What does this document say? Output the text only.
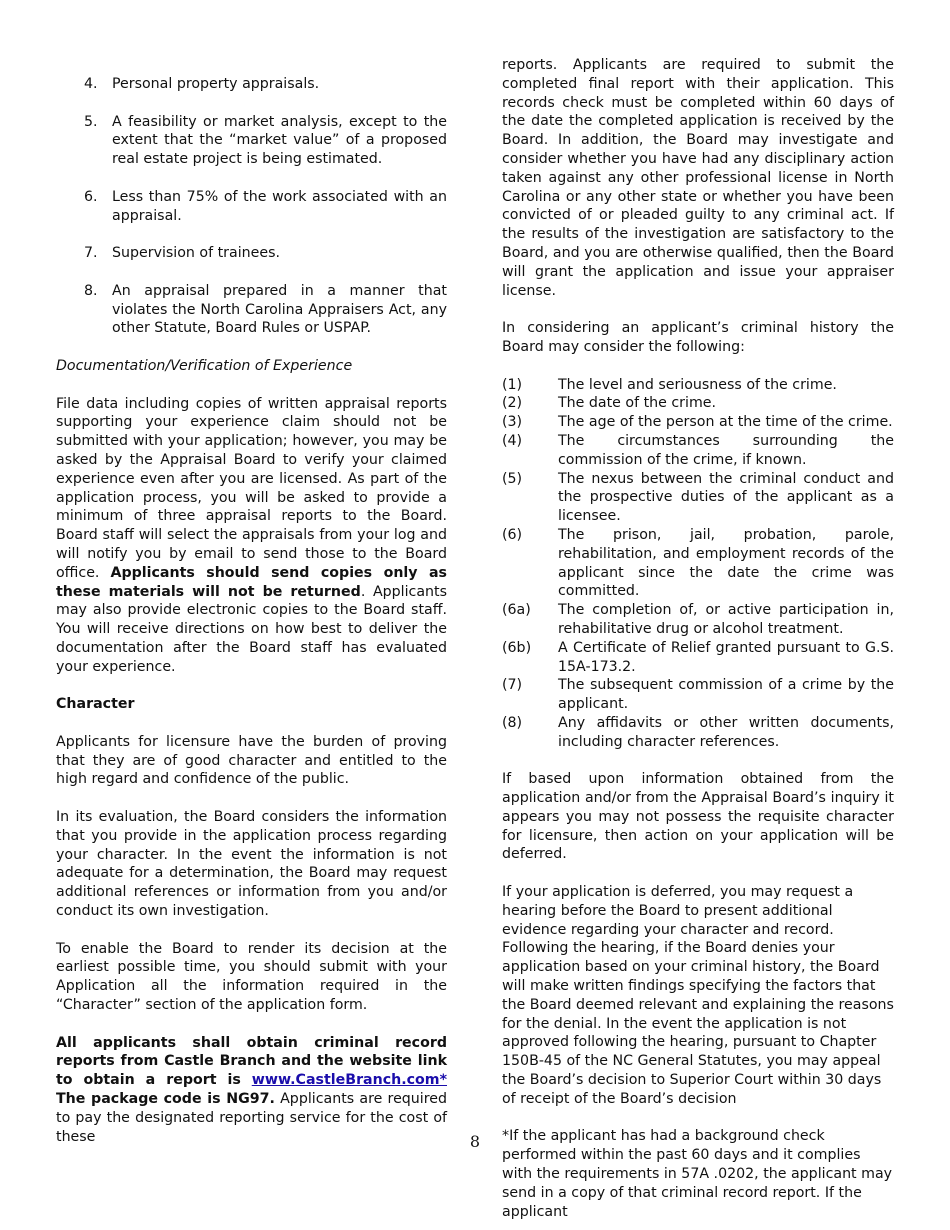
4. Personal property appraisals.
5. A feasibility or market analysis, except to the extent that the “market value” of a proposed real estate project is being estimated.
6. Less than 75% of the work associated with an appraisal.
7. Supervision of trainees.
8. An appraisal prepared in a manner that violates the North Carolina Appraisers Act, any other Statute, Board Rules or USPAP.

Documentation/Verification of Experience

File data including copies of written appraisal reports supporting your experience claim should not be submitted with your application; however, you may be asked by the Appraisal Board to verify your claimed experience even after you are licensed. As part of the application process, you will be asked to provide a minimum of three appraisal reports to the Board. Board staff will select the appraisals from your log and will notify you by email to send those to the Board office. Applicants should send copies only as these materials will not be returned. Applicants may also provide electronic copies to the Board staff. You will receive directions on how best to deliver the documentation after the Board staff has evaluated your experience.

Character

Applicants for licensure have the burden of proving that they are of good character and entitled to the high regard and confidence of the public.

In its evaluation, the Board considers the information that you provide in the application process regarding your character. In the event the information is not adequate for a determination, the Board may request additional references or information from you and/or conduct its own investigation.

To enable the Board to render its decision at the earliest possible time, you should submit with your Application all the information required in the “Character” section of the application form.

All applicants shall obtain criminal record reports from Castle Branch and the website link to obtain a report is www.CastleBranch.com* The package code is NG97. Applicants are required to pay the designated reporting service for the cost of these

reports. Applicants are required to submit the completed final report with their application. This records check must be completed within 60 days of the date the completed application is received by the Board. In addition, the Board may investigate and consider whether you have had any disciplinary action taken against any other professional license in North Carolina or any other state or whether you have been convicted of or pleaded guilty to any criminal act. If the results of the investigation are satisfactory to the Board, and you are otherwise qualified, then the Board will grant the application and issue your appraiser license.

In considering an applicant’s criminal history the Board may consider the following:

(1)	The level and seriousness of the crime.
(2)	The date of the crime.
(3)	The age of the person at the time of the crime.
(4)	The circumstances surrounding the commission of the crime, if known.
(5)	The nexus between the criminal conduct and the prospective duties of the applicant as a licensee.
(6)	The prison, jail, probation, parole, rehabilitation, and employment records of the applicant since the date the crime was committed.
(6a) The completion of, or active participation in, rehabilitative drug or alcohol treatment.
(6b) A Certificate of Relief granted pursuant to G.S. 15A-173.2.
(7)	The subsequent commission of a crime by the applicant.
(8)	Any affidavits or other written documents, including character references.

If based upon information obtained from the application and/or from the Appraisal Board’s inquiry it appears you may not possess the requisite character for licensure, then action on your application will be deferred.

If your application is deferred, you may request a hearing before the Board to present additional evidence regarding your character and record. Following the hearing, if the Board denies your application based on your criminal history, the Board will make written findings specifying the factors that the Board deemed relevant and explaining the reasons for the denial. In the event the application is not approved following the hearing, pursuant to Chapter 150B-45 of the NC General Statutes, you may appeal the Board’s decision to Superior Court within 30 days of receipt of the Board’s decision

*If the applicant has had a background check performed within the past 60 days and it complies with the requirements in 57A .0202, the applicant may send in a copy of that criminal record report. If the applicant

8
